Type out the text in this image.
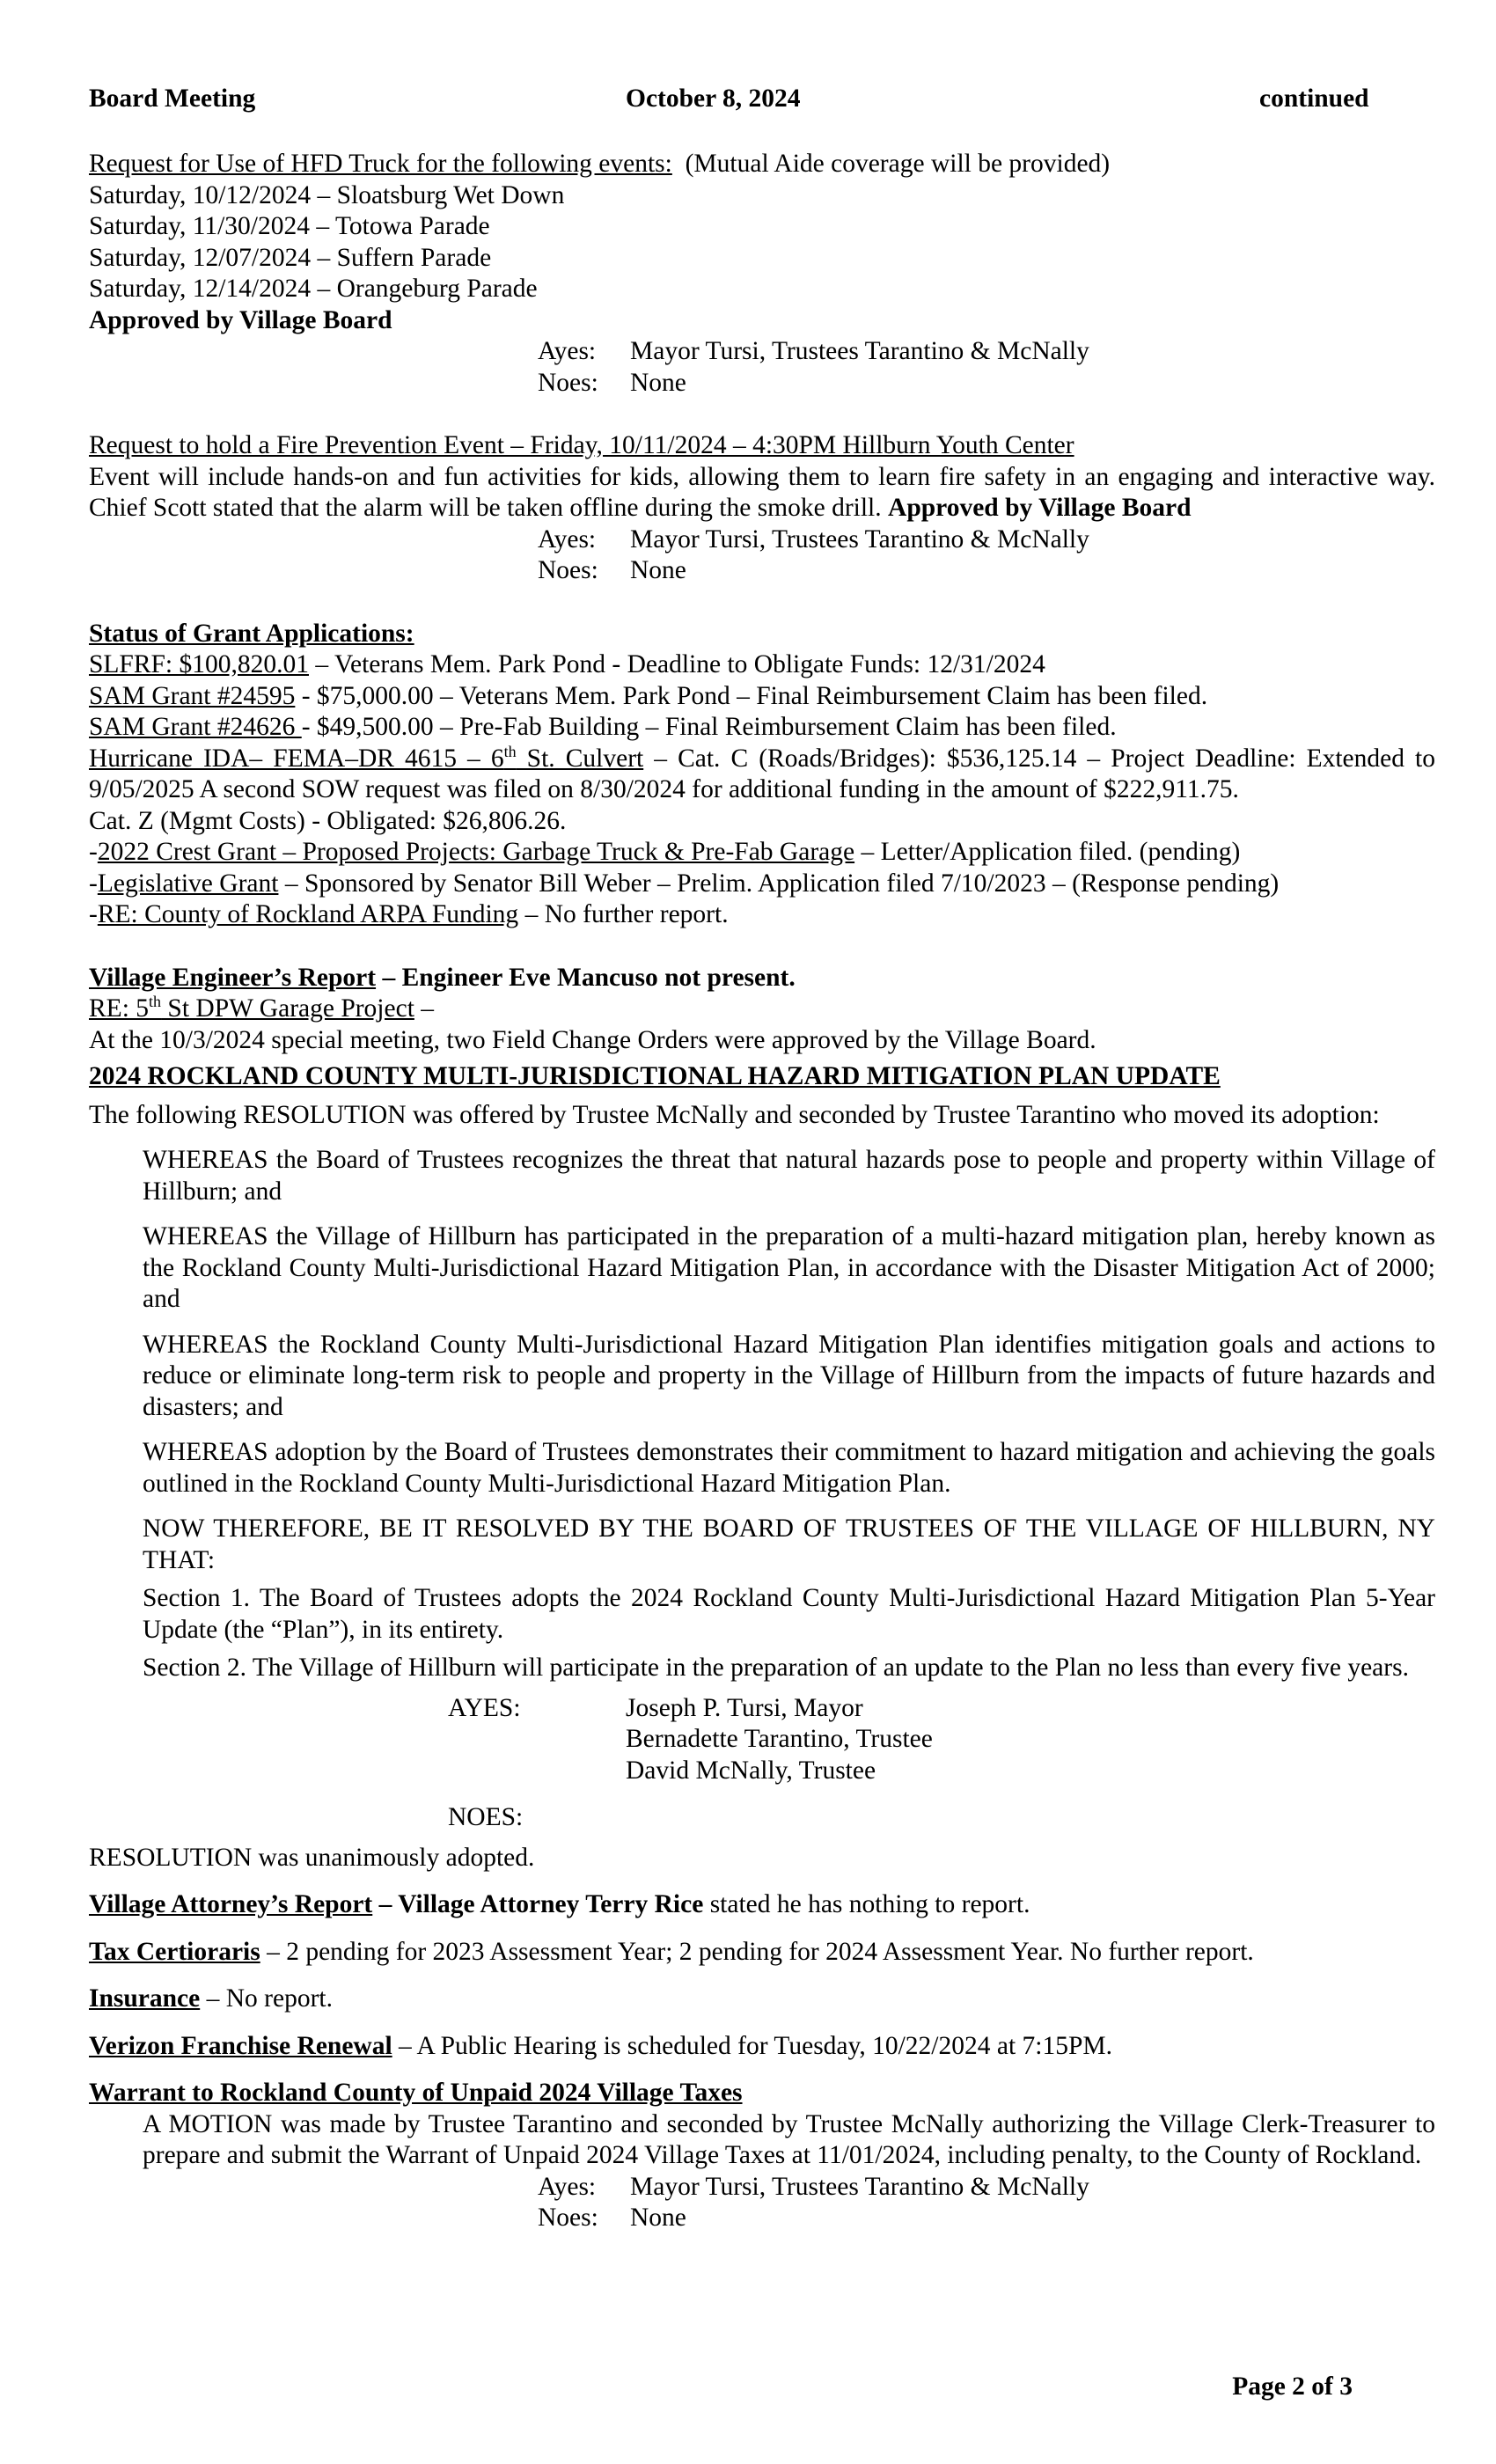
Board Meeting	October 8, 2024	continued
Request for Use of HFD Truck for the following events: (Mutual Aide coverage will be provided)
Saturday, 10/12/2024 – Sloatsburg Wet Down
Saturday, 11/30/2024 – Totowa Parade
Saturday, 12/07/2024 – Suffern Parade
Saturday, 12/14/2024 – Orangeburg Parade
Approved by Village Board
Ayes:	Mayor Tursi, Trustees Tarantino & McNally
Noes:	None
Request to hold a Fire Prevention Event – Friday, 10/11/2024 – 4:30PM Hillburn Youth Center
Event will include hands-on and fun activities for kids, allowing them to learn fire safety in an engaging and interactive way. Chief Scott stated that the alarm will be taken offline during the smoke drill. Approved by Village Board
Ayes:	Mayor Tursi, Trustees Tarantino & McNally
Noes:	None
Status of Grant Applications:
SLFRF: $100,820.01 – Veterans Mem. Park Pond - Deadline to Obligate Funds: 12/31/2024
SAM Grant #24595 - $75,000.00 – Veterans Mem. Park Pond – Final Reimbursement Claim has been filed.
SAM Grant #24626 - $49,500.00 – Pre-Fab Building – Final Reimbursement Claim has been filed.
Hurricane IDA– FEMA–DR 4615 – 6th St. Culvert – Cat. C (Roads/Bridges): $536,125.14 – Project Deadline: Extended to 9/05/2025 A second SOW request was filed on 8/30/2024 for additional funding in the amount of $222,911.75.
Cat. Z (Mgmt Costs) - Obligated: $26,806.26.
-2022 Crest Grant – Proposed Projects: Garbage Truck & Pre-Fab Garage – Letter/Application filed. (pending)
-Legislative Grant – Sponsored by Senator Bill Weber – Prelim. Application filed 7/10/2023 – (Response pending)
-RE: County of Rockland ARPA Funding – No further report.
Village Engineer’s Report – Engineer Eve Mancuso not present.
RE: 5th St DPW Garage Project –
At the 10/3/2024 special meeting, two Field Change Orders were approved by the Village Board.
2024 ROCKLAND COUNTY MULTI-JURISDICTIONAL HAZARD MITIGATION PLAN UPDATE
The following RESOLUTION was offered by Trustee McNally and seconded by Trustee Tarantino who moved its adoption:
WHEREAS the Board of Trustees recognizes the threat that natural hazards pose to people and property within Village of Hillburn; and
WHEREAS the Village of Hillburn has participated in the preparation of a multi-hazard mitigation plan, hereby known as the Rockland County Multi-Jurisdictional Hazard Mitigation Plan, in accordance with the Disaster Mitigation Act of 2000; and
WHEREAS the Rockland County Multi-Jurisdictional Hazard Mitigation Plan identifies mitigation goals and actions to reduce or eliminate long-term risk to people and property in the Village of Hillburn from the impacts of future hazards and disasters; and
WHEREAS adoption by the Board of Trustees demonstrates their commitment to hazard mitigation and achieving the goals outlined in the Rockland County Multi-Jurisdictional Hazard Mitigation Plan.
NOW THEREFORE, BE IT RESOLVED BY THE BOARD OF TRUSTEES OF THE VILLAGE OF HILLBURN, NY THAT:
Section 1. The Board of Trustees adopts the 2024 Rockland County Multi-Jurisdictional Hazard Mitigation Plan 5-Year Update (the “Plan”), in its entirety.
Section 2. The Village of Hillburn will participate in the preparation of an update to the Plan no less than every five years.
AYES:	Joseph P. Tursi, Mayor
Bernadette Tarantino, Trustee
David McNally, Trustee
NOES:
RESOLUTION was unanimously adopted.
Village Attorney’s Report – Village Attorney Terry Rice stated he has nothing to report.
Tax Certioraris – 2 pending for 2023 Assessment Year; 2 pending for 2024 Assessment Year. No further report.
Insurance – No report.
Verizon Franchise Renewal – A Public Hearing is scheduled for Tuesday, 10/22/2024 at 7:15PM.
Warrant to Rockland County of Unpaid 2024 Village Taxes
A MOTION was made by Trustee Tarantino and seconded by Trustee McNally authorizing the Village Clerk-Treasurer to prepare and submit the Warrant of Unpaid 2024 Village Taxes at 11/01/2024, including penalty, to the County of Rockland.
Ayes:	Mayor Tursi, Trustees Tarantino & McNally
Noes:	None
Page 2 of 3
